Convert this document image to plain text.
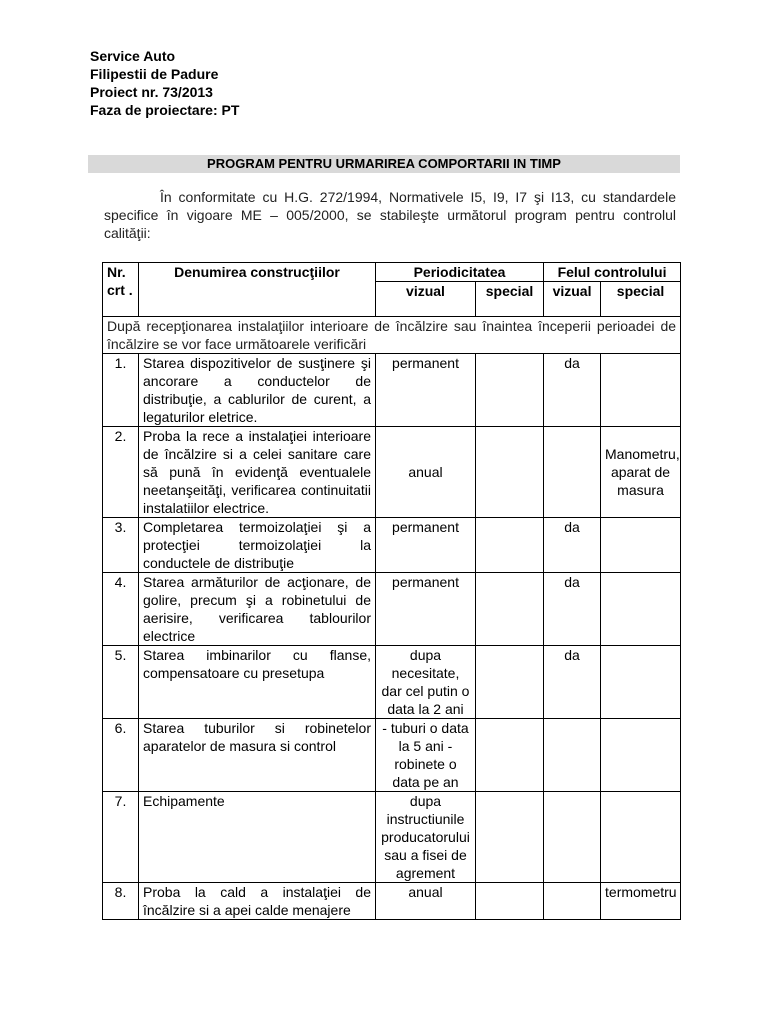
Service Auto
Filipestii de Padure
Proiect nr. 73/2013
Faza de proiectare: PT
PROGRAM PENTRU URMARIREA COMPORTARII IN TIMP
În conformitate cu H.G. 272/1994, Normativele I5, I9, I7 şi I13, cu standardele specifice în vigoare ME – 005/2000, se stabileşte următorul program pentru controlul calităţii:
Nr. crt .	Denumirea construcţiilor	Periodicitatea		Felul controlului	
		vizual	special	vizual	special
După recepţionarea instalaţiilor interioare de încălzire sau înaintea începerii perioadei de încălzire se vor face următoarele verificări					
1.	Starea dispozitivelor de susţinere şi ancorare a conductelor de distribuţie, a cablurilor de curent, a legaturilor eletrice.	permanent		da	
2.	Proba la rece a instalaţiei interioare de încălzire si a celei sanitare care să pună în evidenţă eventualele neetanşeităţi, verificarea continuitatii instalatiilor electrice.	anual			Manometru, aparat de masura
3.	Completarea termoizolaţiei şi a protecţiei termoizolaţiei la conductele de distribuţie	permanent		da	
4.	Starea armăturilor de acţionare, de golire, precum şi a robinetului de aerisire, verificarea tablourilor electrice	permanent		da	
5.	Starea imbinarilor cu flanse, compensatoare cu presetupa	dupa necesitate, dar cel putin o data la 2 ani		da	
6.	Starea tuburilor si robinetelor aparatelor de masura si control	- tuburi o data la 5 ani - robinete o data pe an			
7.	Echipamente	dupa instructiunile producatorului sau a fisei de agrement			
8.	Proba la cald a instalaţiei de încălzire si a apei calde menajere	anual			termometru
